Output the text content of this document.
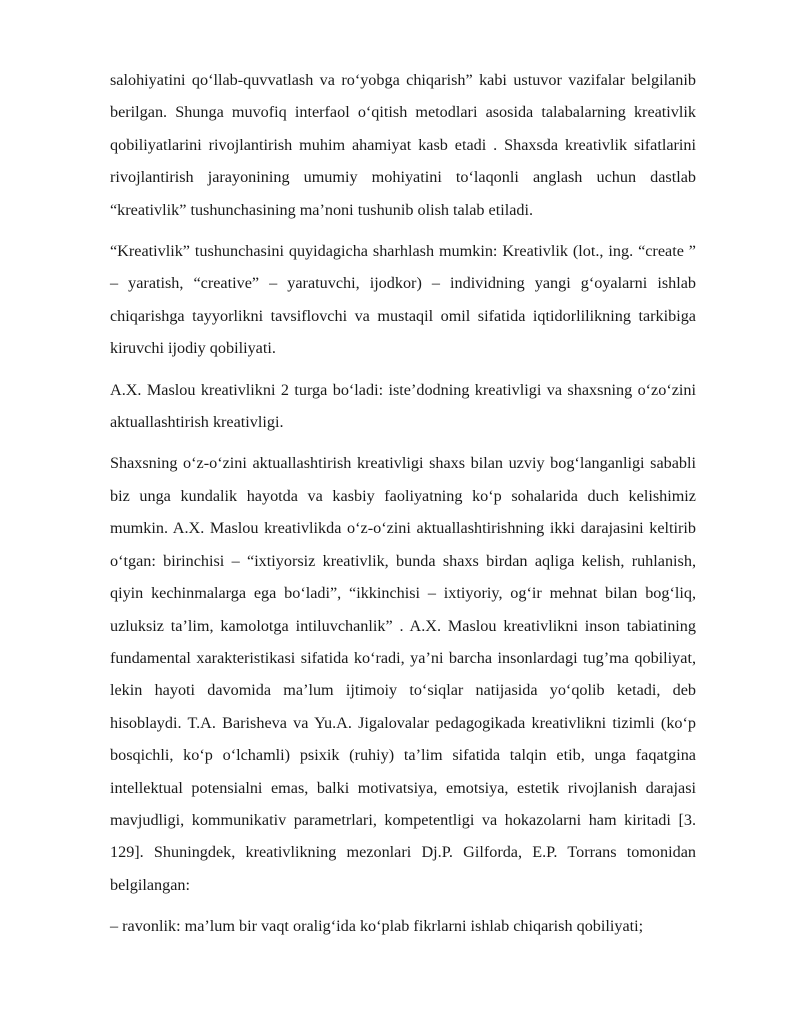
salohiyatini qo‘llab-quvvatlash va ro‘yobga chiqarish” kabi ustuvor vazifalar belgilanib berilgan. Shunga muvofiq interfaol o‘qitish metodlari asosida talabalarning kreativlik qobiliyatlarini rivojlantirish muhim ahamiyat kasb etadi . Shaxsda kreativlik sifatlarini rivojlantirish jarayonining umumiy mohiyatini to‘laqonli anglash uchun dastlab “kreativlik” tushunchasining ma’noni tushunib olish talab etiladi.

“Kreativlik” tushunchasini quyidagicha sharhlash mumkin: Kreativlik (lot., ing. “create ” – yaratish, “creative” – yaratuvchi, ijodkor) – individning yangi g‘oyalarni ishlab chiqarishga tayyorlikni tavsiflovchi va mustaqil omil sifatida iqtidorlilikning tarkibiga kiruvchi ijodiy qobiliyati.

A.X. Maslou kreativlikni 2 turga bo‘ladi: iste’dodning kreativligi va shaxsning o‘zo‘zini aktuallashtirish kreativligi.

Shaxsning o‘z-o‘zini aktuallashtirish kreativligi shaxs bilan uzviy bog‘langanligi sababli biz unga kundalik hayotda va kasbiy faoliyatning ko‘p sohalarida duch kelishimiz mumkin. A.X. Maslou kreativlikda o‘z-o‘zini aktuallashtirishning ikki darajasini keltirib o‘tgan: birinchisi – “ixtiyorsiz kreativlik, bunda shaxs birdan aqliga kelish, ruhlanish, qiyin kechinmalarga ega bo‘ladi”, “ikkinchisi – ixtiyoriy, og‘ir mehnat bilan bog‘liq, uzluksiz ta’lim, kamolotga intiluvchanlik” . A.X. Maslou kreativlikni inson tabiatining fundamental xarakteristikasi sifatida ko‘radi, ya’ni barcha insonlardagi tug’ma qobiliyat, lekin hayoti davomida ma’lum ijtimoiy to‘siqlar natijasida yo‘qolib ketadi, deb hisoblaydi. T.A. Barisheva va Yu.A. Jigalovalar pedagogikada kreativlikni tizimli (ko‘p bosqichli, ko‘p o‘lchamli) psixik (ruhiy) ta’lim sifatida talqin etib, unga faqatgina intellektual potensialni emas, balki motivatsiya, emotsiya, estetik rivojlanish darajasi mavjudligi, kommunikativ parametrlari, kompetentligi va hokazolarni ham kiritadi [3. 129]. Shuningdek, kreativlikning mezonlari Dj.P. Gilforda, E.P. Torrans tomonidan belgilangan:

– ravonlik: ma’lum bir vaqt oralig‘ida ko‘plab fikrlarni ishlab chiqarish qobiliyati;
